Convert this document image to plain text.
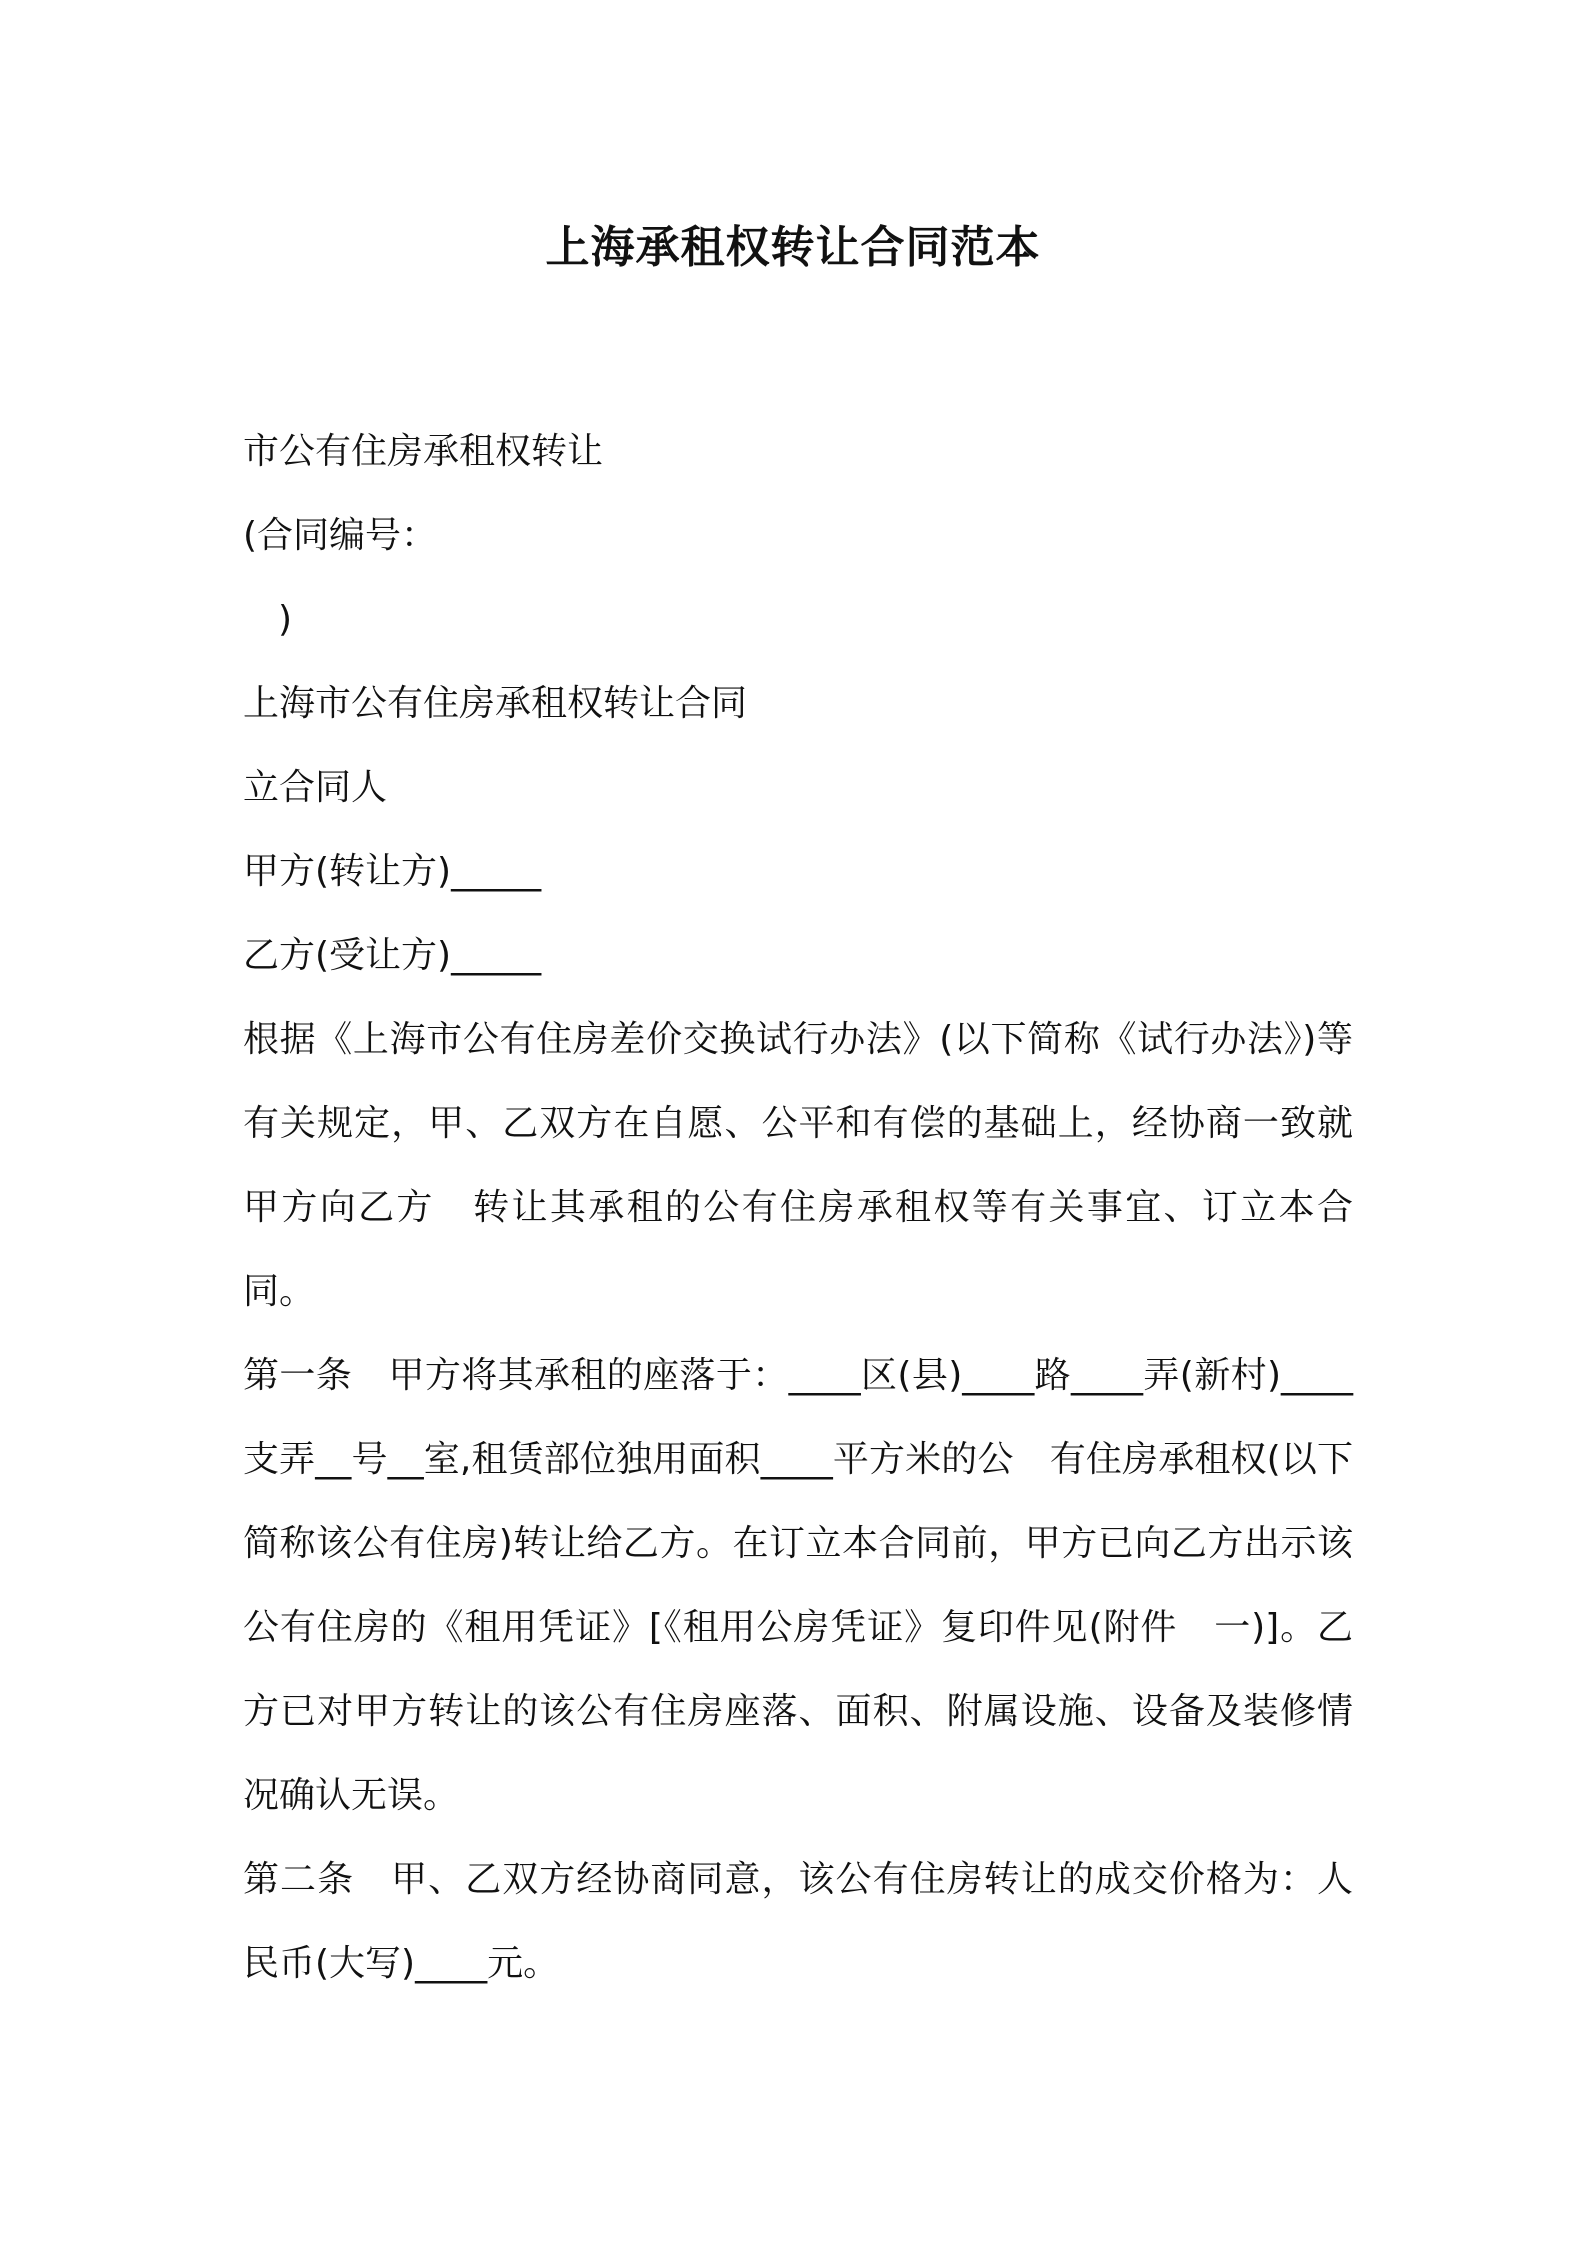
上海承租权转让合同范本

市公有住房承租权转让

(合同编号：

)

上海市公有住房承租权转让合同

立合同人

甲方(转让方)_____

乙方(受让方)_____

根据《上海市公有住房差价交换试行办法》(以下简称《试行办法》)等有关规定，甲、乙双方在自愿、公平和有偿的基础上，经协商一致就甲方向乙方　转让其承租的公有住房承租权等有关事宜、订立本合同。

第一条　甲方将其承租的座落于：____区(县)____路____弄(新村)____支弄__号__室,租赁部位独用面积____平方米的公　有住房承租权(以下简称该公有住房)转让给乙方。在订立本合同前，甲方已向乙方出示该公有住房的《租用凭证》[《租用公房凭证》复印件见(附件　一)]。乙方已对甲方转让的该公有住房座落、面积、附属设施、设备及装修情况确认无误。

第二条　甲、乙双方经协商同意，该公有住房转让的成交价格为：人民币(大写)____元。
